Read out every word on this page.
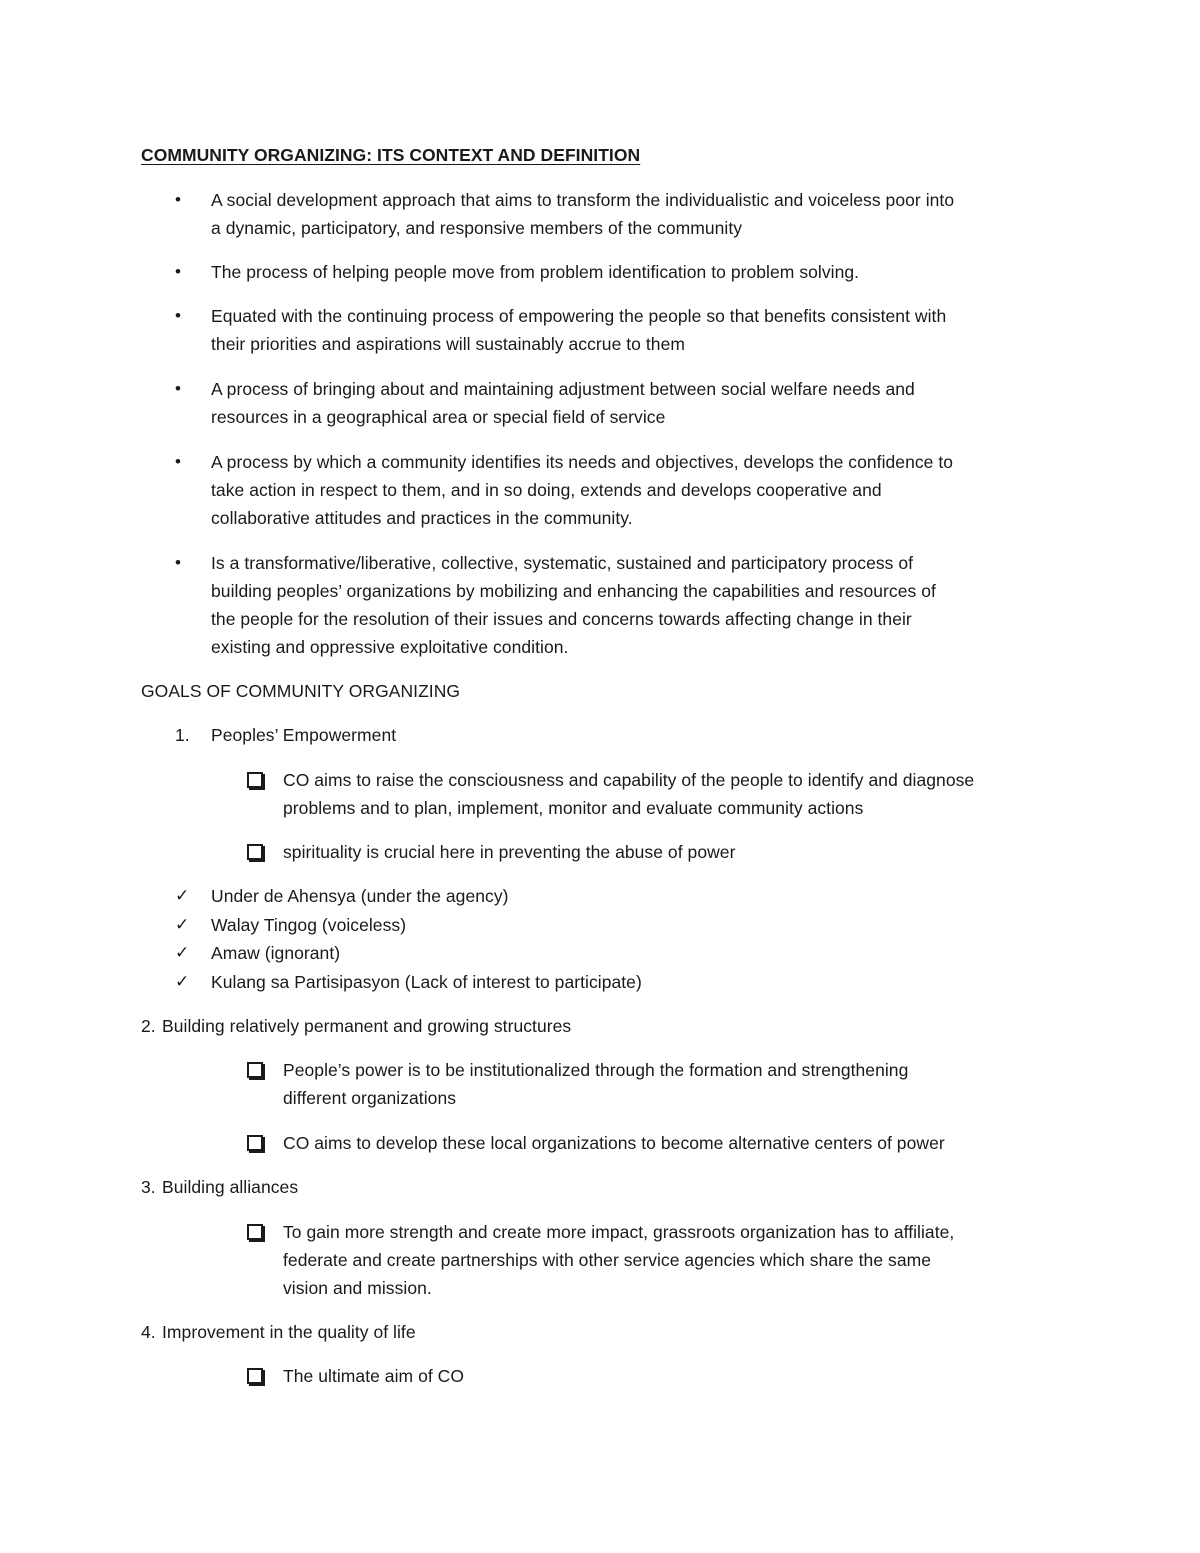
COMMUNITY ORGANIZING: ITS CONTEXT AND DEFINITION
• A social development approach that aims to transform the individualistic and voiceless poor into
a dynamic, participatory, and responsive members of the community
• The process of helping people move from problem identification to problem solving.
• Equated with the continuing process of empowering the people so that benefits consistent with
their priorities and aspirations will sustainably accrue to them
• A process of bringing about and maintaining adjustment between social welfare needs and
resources in a geographical area or special field of service
• A process by which a community identifies its needs and objectives, develops the confidence to
take action in respect to them, and in so doing, extends and develops cooperative and
collaborative attitudes and practices in the community.
• Is a transformative/liberative, collective, systematic, sustained and participatory process of
building peoples’ organizations by mobilizing and enhancing the capabilities and resources of
the people for the resolution of their issues and concerns towards affecting change in their
existing and oppressive exploitative condition.
GOALS OF COMMUNITY ORGANIZING
1. Peoples’ Empowerment
CO aims to raise the consciousness and capability of the people to identify and diagnose
problems and to plan, implement, monitor and evaluate community actions
spirituality is crucial here in preventing the abuse of power
✓ Under de Ahensya (under the agency)
✓ Walay Tingog (voiceless)
✓ Amaw (ignorant)
✓ Kulang sa Partisipasyon (Lack of interest to participate)
2. Building relatively permanent and growing structures
People’s power is to be institutionalized through the formation and strengthening
different organizations
CO aims to develop these local organizations to become alternative centers of power
3. Building alliances
To gain more strength and create more impact, grassroots organization has to affiliate,
federate and create partnerships with other service agencies which share the same
vision and mission.
4. Improvement in the quality of life
The ultimate aim of CO
